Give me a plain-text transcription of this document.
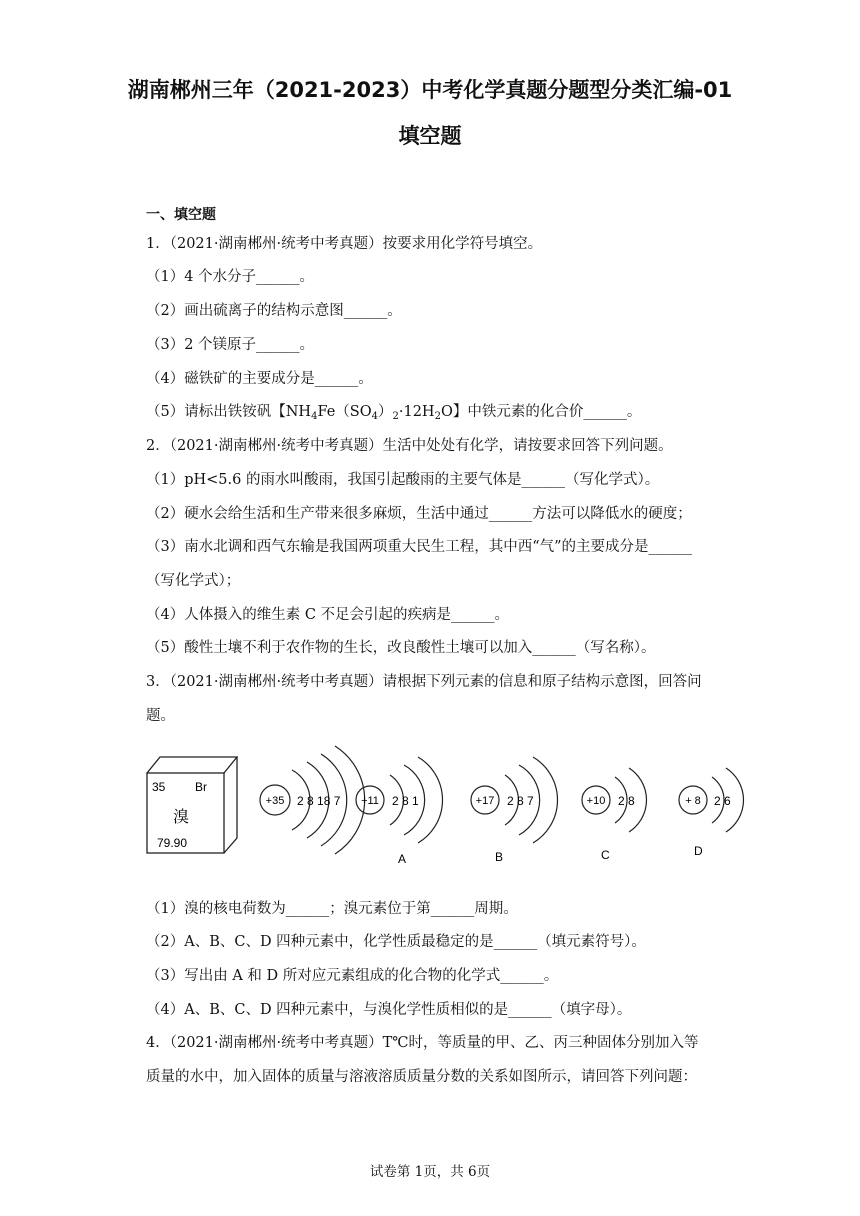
湖南郴州三年（2021-2023）中考化学真题分题型分类汇编-01
填空题
一、填空题
1．（2021·湖南郴州·统考中考真题）按要求用化学符号填空。
（1）4 个水分子______。
（2）画出硫离子的结构示意图______。
（3）2 个镁原子______。
（4）磁铁矿的主要成分是______。
（5）请标出铁铵矾【$NH_4Fe(SO_4)_2\cdot 12H_2O$】中铁元素的化合价______。
2．（2021·湖南郴州·统考中考真题）生活中处处有化学，请按要求回答下列问题。
（1）pH<5.6 的雨水叫酸雨，我国引起酸雨的主要气体是______（写化学式）。
（2）硬水会给生活和生产带来很多麻烦，生活中通过______方法可以降低水的硬度；
（3）南水北调和西气东输是我国两项重大民生工程，其中西“气”的主要成分是______
（写化学式）；
（4）人体摄入的维生素 C 不足会引起的疾病是______。
（5）酸性土壤不利于农作物的生长，改良酸性土壤可以加入______（写名称）。
3．（2021·湖南郴州·统考中考真题）请根据下列元素的信息和原子结构示意图，回答问
题。
35 Br
溴
79.90
+35 2 8 18 7 +11 2 8 1
A
+17 2 8 7
B
+10 2 8
C
+ 8 2 6
D
（1）溴的核电荷数为______；溴元素位于第______周期。
（2）A、B、C、D 四种元素中，化学性质最稳定的是______（填元素符号）。
（3）写出由 A 和 D 所对应元素组成的化合物的化学式______。
（4）A、B、C、D 四种元素中，与溴化学性质相似的是______（填字母）。
4．（2021·湖南郴州·统考中考真题）T℃时，等质量的甲、乙、丙三种固体分别加入等
质量的水中，加入固体的质量与溶液溶质质量分数的关系如图所示，请回答下列问题：
试卷第 1页，共 6页
